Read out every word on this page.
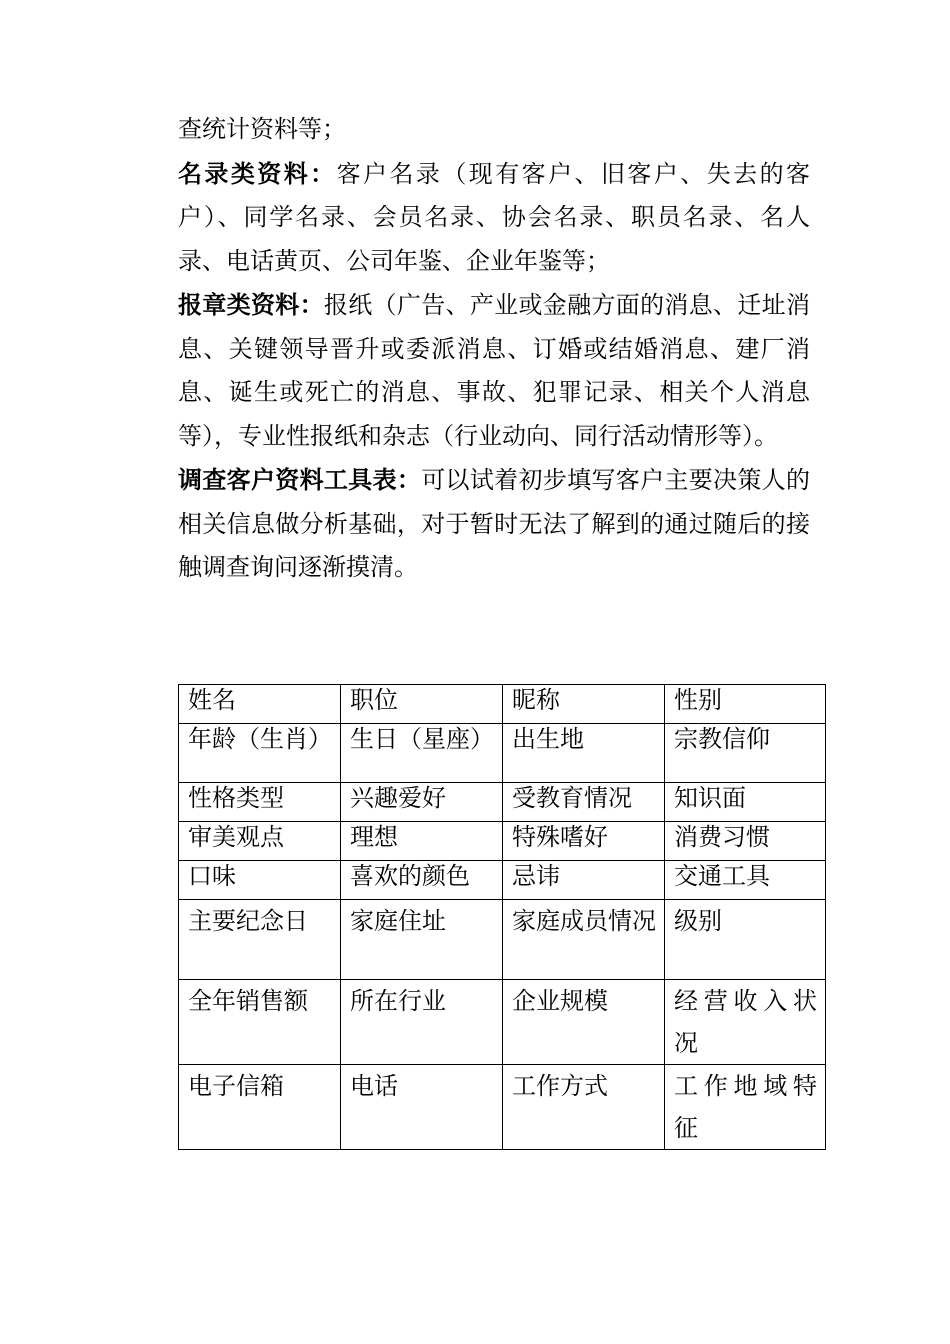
查统计资料等；

名录类资料：客户名录（现有客户、旧客户、失去的客户）、同学名录、会员名录、协会名录、职员名录、名人录、电话黄页、公司年鉴、企业年鉴等；

报章类资料：报纸（广告、产业或金融方面的消息、迁址消息、关键领导晋升或委派消息、订婚或结婚消息、建厂消息、诞生或死亡的消息、事故、犯罪记录、相关个人消息等），专业性报纸和杂志（行业动向、同行活动情形等）。

调查客户资料工具表：可以试着初步填写客户主要决策人的相关信息做分析基础，对于暂时无法了解到的通过随后的接触调查询问逐渐摸清。

姓名	职位	昵称	性别
年龄（生肖）	生日（星座）	出生地	宗教信仰
性格类型	兴趣爱好	受教育情况	知识面
审美观点	理想	特殊嗜好	消费习惯
口味	喜欢的颜色	忌讳	交通工具
主要纪念日	家庭住址	家庭成员情况	级别
全年销售额	所在行业	企业规模	经营收入状况
电子信箱	电话	工作方式	工作地域特征
